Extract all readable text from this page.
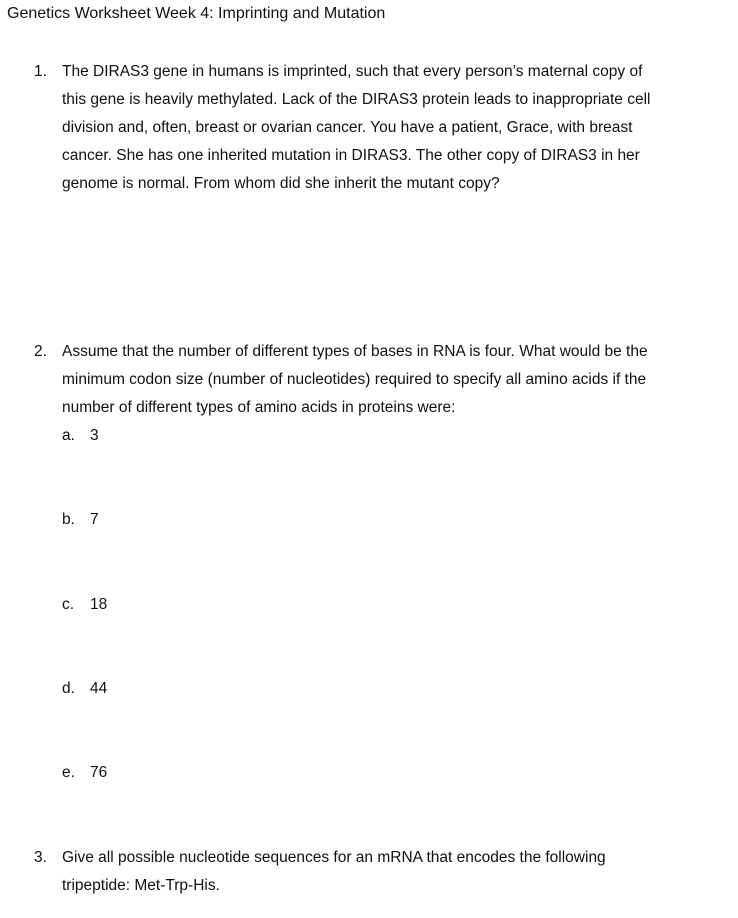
Genetics Worksheet Week 4: Imprinting and Mutation
1. The DIRAS3 gene in humans is imprinted, such that every person’s maternal copy of
this gene is heavily methylated. Lack of the DIRAS3 protein leads to inappropriate cell
division and, often, breast or ovarian cancer. You have a patient, Grace, with breast
cancer. She has one inherited mutation in DIRAS3. The other copy of DIRAS3 in her
genome is normal. From whom did she inherit the mutant copy?
2. Assume that the number of different types of bases in RNA is four. What would be the
minimum codon size (number of nucleotides) required to specify all amino acids if the
number of different types of amino acids in proteins were:
a. 3
b. 7
c. 18
d. 44
e. 76
3. Give all possible nucleotide sequences for an mRNA that encodes the following
tripeptide: Met-Trp-His.
